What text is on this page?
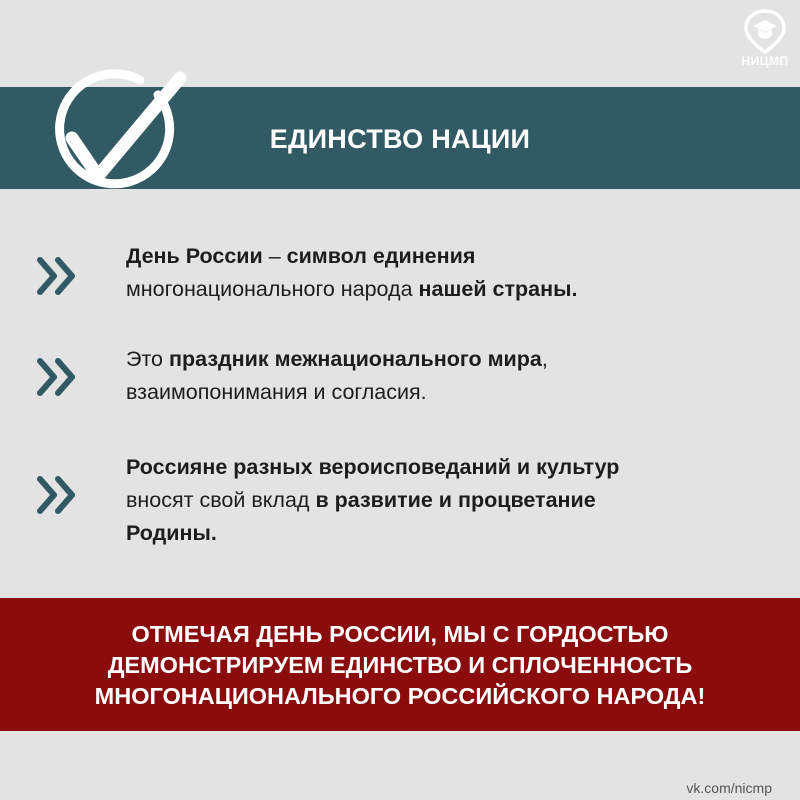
НИЦМП
ЕДИНСТВО НАЦИИ
День России – символ единения
многонационального народа нашей страны.
Это праздник межнационального мира,
взаимопонимания и согласия.
Россияне разных вероисповеданий и культур
вносят свой вклад в развитие и процветание
Родины.
ОТМЕЧАЯ ДЕНЬ РОССИИ, МЫ С ГОРДОСТЬЮ
ДЕМОНСТРИРУЕМ ЕДИНСТВО И СПЛОЧЕННОСТЬ
МНОГОНАЦИОНАЛЬНОГО РОССИЙСКОГО НАРОДА!
vk.com/nicmp
